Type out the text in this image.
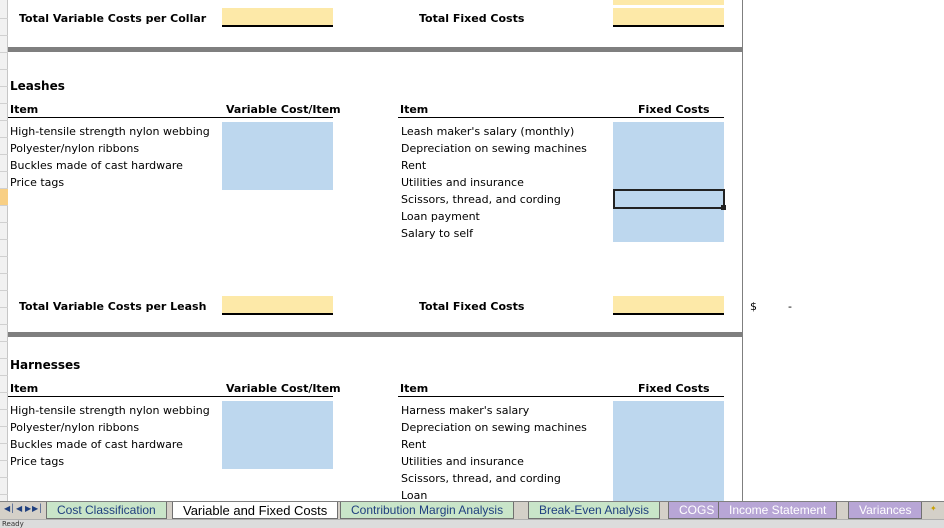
Total Variable Costs per Collar	Total Fixed Costs
Leashes
Item	Variable Cost/Item	Item	Fixed Costs
High-tensile strength nylon webbing
Polyester/nylon ribbons
Buckles made of cast hardware
Price tags
Leash maker's salary (monthly)
Depreciation on sewing machines
Rent
Utilities and insurance
Scissors, thread, and cording
Loan payment
Salary to self
Total Variable Costs per Leash	Total Fixed Costs	$	-
Harnesses
Item	Variable Cost/Item	Item	Fixed Costs
High-tensile strength nylon webbing
Polyester/nylon ribbons
Buckles made of cast hardware
Price tags
Harness maker's salary
Depreciation on sewing machines
Rent
Utilities and insurance
Scissors, thread, and cording
Loan
◀│ ◀ ▶ ▶│	Cost Classification	Variable and Fixed Costs	Contribution Margin Analysis	Break-Even Analysis	COGS	Income Statement	Variances	✦
Ready
